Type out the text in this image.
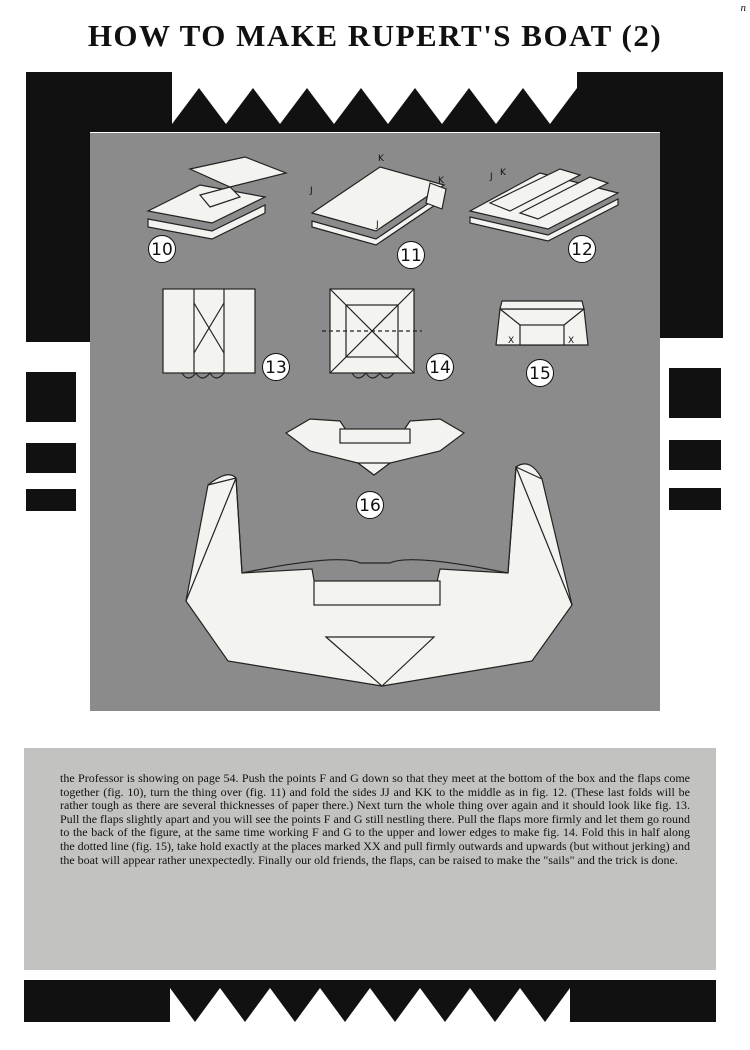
HOW TO MAKE RUPERT'S BOAT (2)
n
K
K
J
J
J K
X	X
10	11	12
13	14	15
16

the Professor is showing on page 54. Push the points F and G down so that they meet at the bottom of the box and the flaps come together (fig. 10), turn the thing over (fig. 11) and fold the sides JJ and KK to the middle as in fig. 12. (These last folds will be rather tough as there are several thicknesses of paper there.) Next turn the whole thing over again and it should look like fig. 13. Pull the flaps slightly apart and you will see the points F and G still nestling there. Pull the flaps more firmly and let them go round to the back of the figure, at the same time working F and G to the upper and lower edges to make fig. 14. Fold this in half along the dotted line (fig. 15), take hold exactly at the places marked XX and pull firmly outwards and upwards (but without jerking) and the boat will appear rather unexpectedly. Finally our old friends, the flaps, can be raised to make the "sails" and the trick is done.
